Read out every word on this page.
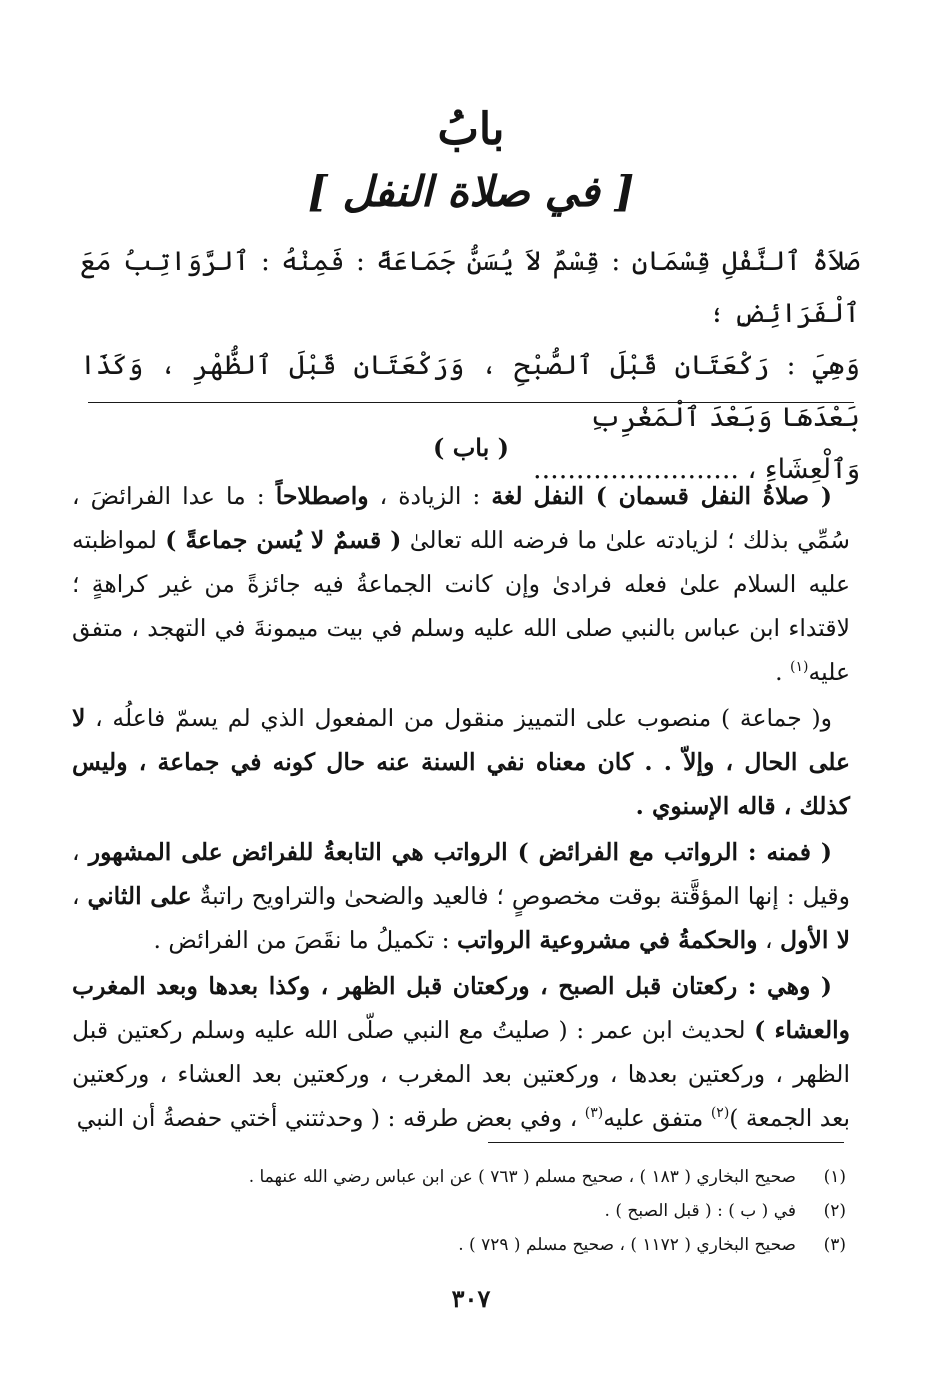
بابُ
[ في صلاة النفل ]
صَلاَةُ ٱلنَّفْلِ قِسْمَانِ : قِسْمٌ لاَ يُسَنُّ جَمَاعَةً : فَمِنْهُ : ٱلرَّوَاتِبُ مَعَ ٱلْفَرَائِضِ ؛
وَهِيَ : رَكْعَتَانِ قَبْلَ ٱلصُّبْحِ ، وَرَكْعَتَانِ قَبْلَ ٱلظُّهْرِ ، وَكَذَا بَعْدَهَا وَبَعْدَ ٱلْمَغْرِبِ
وَٱلْعِشَاءِ ، ........................
( باب )

( صلاةُ النفل قسمان ) النفل لغة : الزيادة ، واصطلاحاً : ما عدا الفرائضَ ، سُمِّي بذلك ؛ لزيادته علىٰ ما فرضه الله تعالىٰ ( قسمٌ لا يُسن جماعةً ) لمواظبته عليه السلام علىٰ فعله فرادىٰ وإن كانت الجماعةُ فيه جائزةً من غير كراهةٍ ؛ لاقتداء ابن عباس بالنبي صلى الله عليه وسلم في بيت ميمونةَ في التهجد ، متفق عليه$^{(١)}$ .

و( جماعة ) منصوب على التمييز منقول من المفعول الذي لم يسمّ فاعلُه ، لا على الحال ، وإلاّ . . كان معناه نفي السنة عنه حال كونه في جماعة ، وليس كذلك ، قاله الإسنوي .

( فمنه : الرواتب مع الفرائض ) الرواتب هي التابعةُ للفرائض على المشهور ، وقيل : إنها المؤقَّتة بوقت مخصوصٍ ؛ فالعيد والضحىٰ والتراويح راتبةٌ على الثاني ، لا الأول ، والحكمةُ في مشروعية الرواتب : تكميلُ ما نقَصَ من الفرائض .

( وهي : ركعتان قبل الصبح ، وركعتان قبل الظهر ، وكذا بعدها وبعد المغرب والعشاء ) لحديث ابن عمر : ( صليتُ مع النبي صلّى الله عليه وسلم ركعتين قبل الظهر ، وركعتين بعدها ، وركعتين بعد المغرب ، وركعتين بعد العشاء ، وركعتين بعد الجمعة )$^{(٢)}$ متفق عليه$^{(٣)}$ ، وفي بعض طرقه : ( وحدثتني أختي حفصةُ أن النبي

(١)
صحيح البخاري ( ١٨٣ ) ، صحيح مسلم ( ٧٦٣ ) عن ابن عباس رضي الله عنهما .
(٢)
في ( ب ) : ( قبل الصبح ) .
(٣)
صحيح البخاري ( ١١٧٢ ) ، صحيح مسلم ( ٧٢٩ ) .
٣٠٧
